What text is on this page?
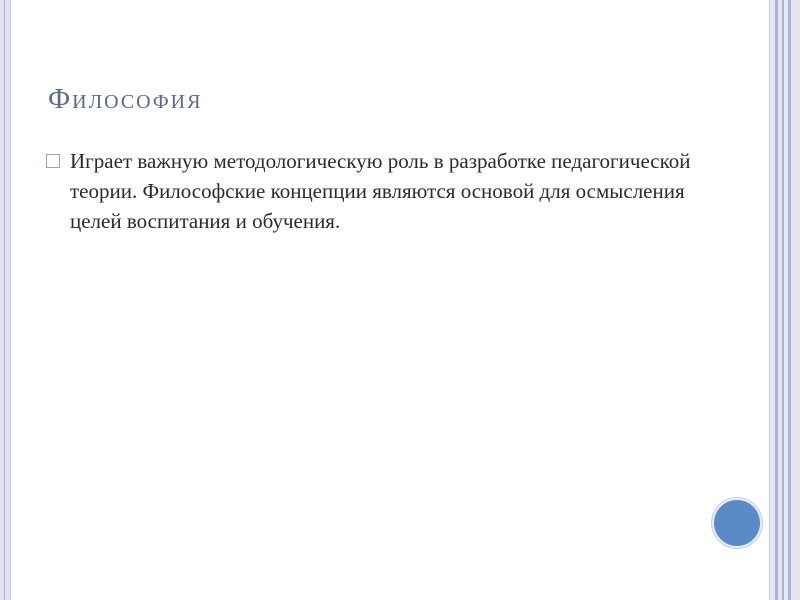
Философия
Играет важную методологическую роль в разработке педагогической теории. Философские концепции являются основой для осмысления целей воспитания и обучения.
